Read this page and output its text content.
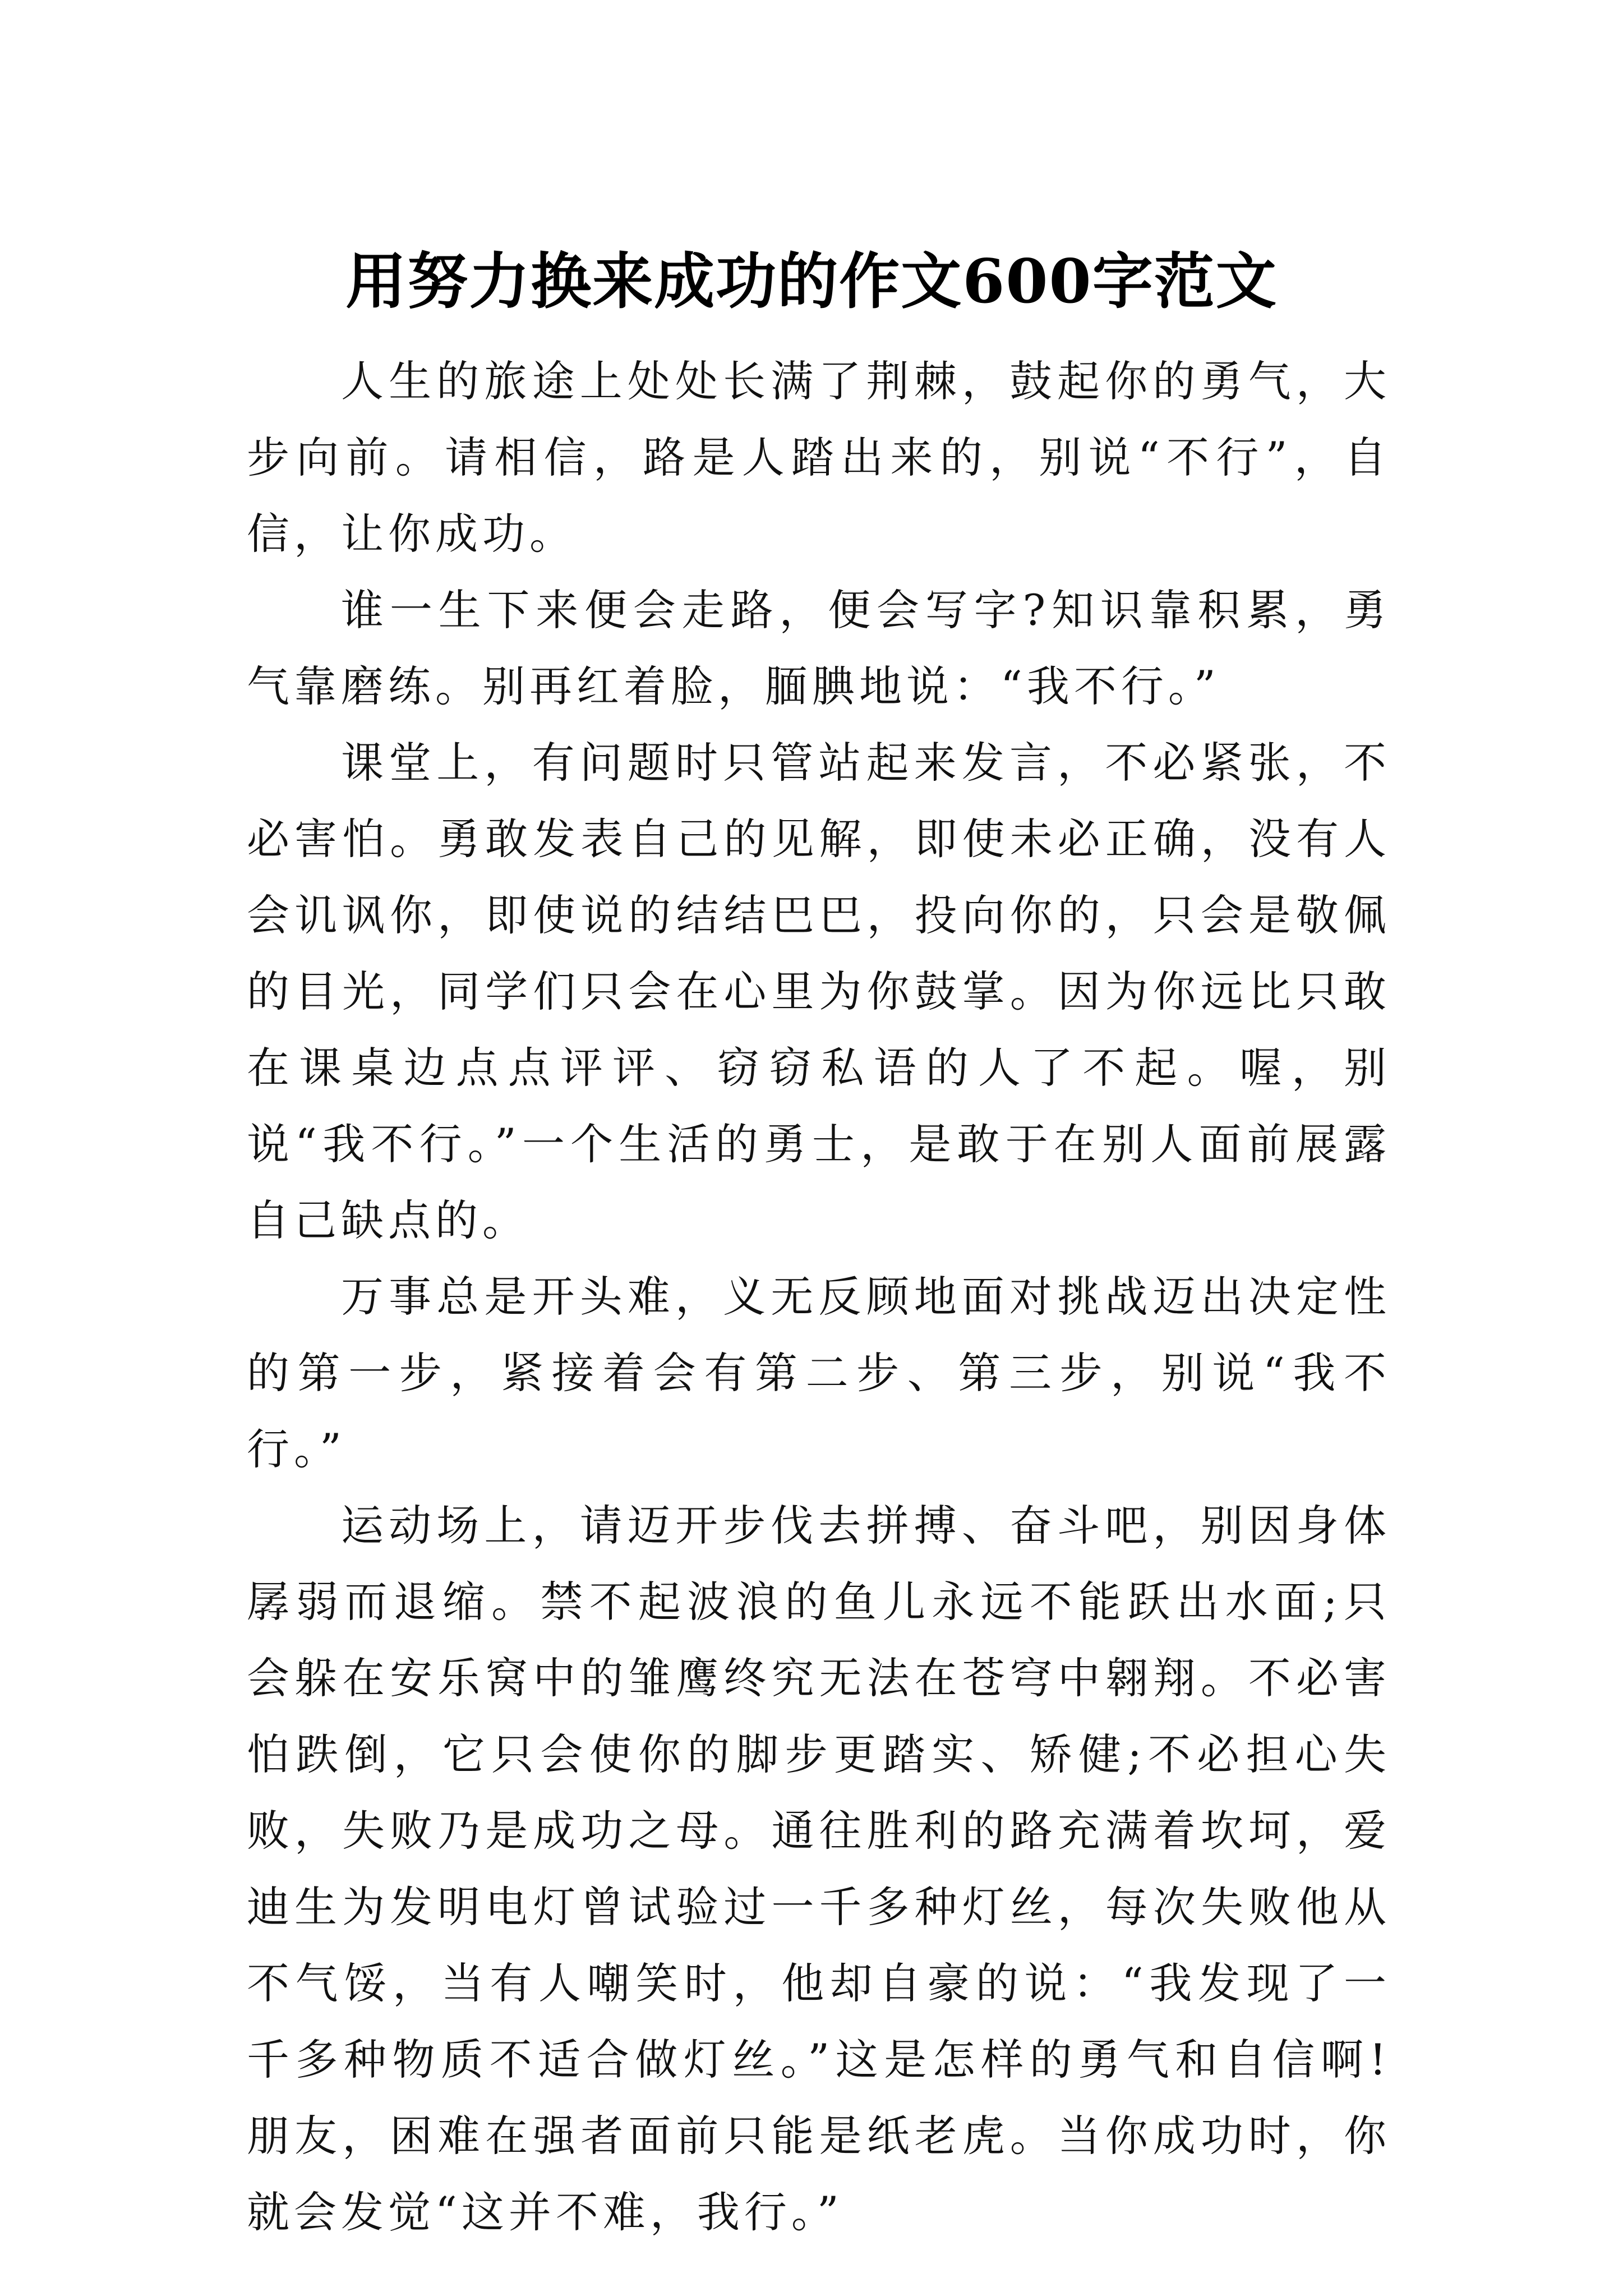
用努力换来成功的作文600字范文

人生的旅途上处处长满了荆棘，鼓起你的勇气，大步向前。请相信，路是人踏出来的，别说“不行”，自信，让你成功。

谁一生下来便会走路，便会写字?知识靠积累，勇气靠磨练。别再红着脸，腼腆地说：“我不行。”

课堂上，有问题时只管站起来发言，不必紧张，不必害怕。勇敢发表自己的见解，即使未必正确，没有人会讥讽你，即使说的结结巴巴，投向你的，只会是敬佩的目光，同学们只会在心里为你鼓掌。因为你远比只敢在课桌边点点评评、窃窃私语的人了不起。喔，别说“我不行。”一个生活的勇士，是敢于在别人面前展露自己缺点的。

万事总是开头难，义无反顾地面对挑战迈出决定性的第一步，紧接着会有第二步、第三步，别说“我不行。”

运动场上，请迈开步伐去拼搏、奋斗吧，别因身体孱弱而退缩。禁不起波浪的鱼儿永远不能跃出水面;只会躲在安乐窝中的雏鹰终究无法在苍穹中翱翔。不必害怕跌倒，它只会使你的脚步更踏实、矫健;不必担心失败，失败乃是成功之母。通往胜利的路充满着坎坷，爱迪生为发明电灯曾试验过一千多种灯丝，每次失败他从不气馁，当有人嘲笑时，他却自豪的说：“我发现了一千多种物质不适合做灯丝。”这是怎样的勇气和自信啊!朋友，困难在强者面前只能是纸老虎。当你成功时，你就会发觉“这并不难，我行。”
